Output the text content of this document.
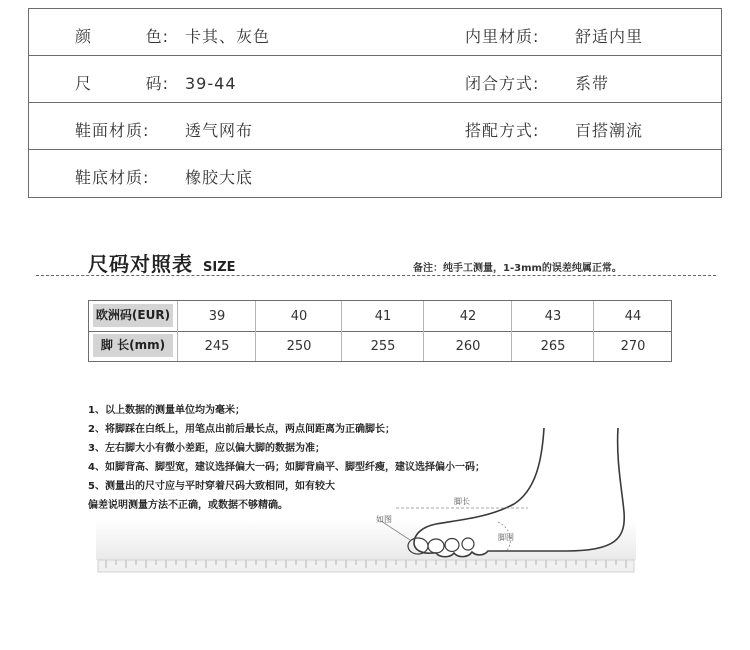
颜	色: 卡其、灰色	内里材质:	舒适内里
尺	码: 39-44	闭合方式:	系带
鞋面材质:	透气网布	搭配方式:	百搭潮流
鞋底材质:	橡胶大底
尺码对照表 SIZE	备注：纯手工测量，1-3mm的误差纯属正常。
欧洲码(EUR)	39	40	41	42	43	44
脚 长(mm)	245	250	255	260	265	270
脚长
脚围
如图
1、以上数据的测量单位均为毫米；
2、将脚踩在白纸上，用笔点出前后最长点，两点间距离为正确脚长；
3、左右脚大小有微小差距，应以偏大脚的数据为准；
4、如脚背高、脚型宽，建议选择偏大一码；如脚背扁平、脚型纤瘦，建议选择偏小一码；
5、测量出的尺寸应与平时穿着尺码大致相同，如有较大
偏差说明测量方法不正确，或数据不够精确。
